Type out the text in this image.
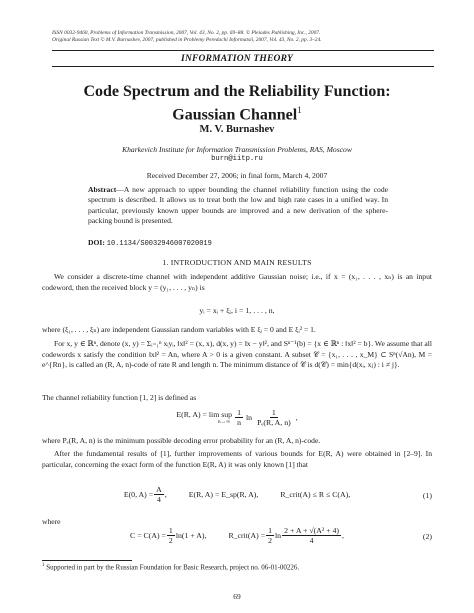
ISSN 0032-9460, Problems of Information Transmission, 2007, Vol. 43, No. 2, pp. 69–88. © Pleiades Publishing, Inc., 2007.
Original Russian Text © M.V. Burnashev, 2007, published in Problemy Peredachi Informatsii, 2007, Vol. 43, No. 2, pp. 3–24.
INFORMATION THEORY
Code Spectrum and the Reliability Function:
Gaussian Channel$^1$
M. V. Burnashev
Kharkevich Institute for Information Transmission Problems, RAS, Moscow
burn@iitp.ru
Received December 27, 2006; in final form, March 4, 2007
Abstract—A new approach to upper bounding the channel reliability function using the code spectrum is described. It allows us to treat both the low and high rate cases in a unified way. In particular, previously known upper bounds are improved and a new derivation of the sphere-packing bound is presented.
DOI: 10.1134/S0032946007020019
1. INTRODUCTION AND MAIN RESULTS
We consider a discrete-time channel with independent additive Gaussian noise; i.e., if x = (x₁, . . . , xₙ) is an input codeword, then the received block y = (y₁, . . . , yₙ) is
yᵢ = xᵢ + ξᵢ, i = 1, . . . , n,
where (ξ₁, . . . , ξₙ) are independent Gaussian random variables with E ξᵢ = 0 and E ξᵢ² = 1.
For x, y ∈ ℝⁿ, denote (x, y) = Σᵢ₌₁ⁿ xᵢyᵢ, ‖x‖² = (x, x), d(x, y) = ‖x − y‖², and Sⁿ⁻¹(b) = {x ∈ ℝⁿ : ‖x‖² = b}. We assume that all codewords x satisfy the condition ‖x‖² = An, where A > 0 is a given constant. A subset 𝒞 = {x₁, . . . , x_M} ⊂ Sⁿ(√An), M = e^{Rn}, is called an (R, A, n)-code of rate R and length n. The minimum distance of 𝒞 is d(𝒞) = min{d(xᵢ, xⱼ) : i ≠ j}.
The channel reliability function [1, 2] is defined as
E(R, A) = lim sup
$n\to\infty \frac{1}{n}$ $\ln \frac{1}{\text{Pₑ(R, A, n)}}$ ,
where Pₑ(R, A, n) is the minimum possible decoding error probability for an (R, A, n)-code.
After the fundamental results of [1], further improvements of various bounds for E(R, A) were obtained in [2–9]. In particular, concerning the exact form of the function E(R, A) it was only known [1] that
E(0, $A) = \frac{A}{4}$ ,	E(R, A) = E_sp(R, A),	R_crit(A) ≤ R ≤ C(A),	(1)
where
$C = C(A) = \frac{1}{2} \ln(1 + A)$,	R_crit(A) = $\frac{1}{2}$ $\ln \frac{\text{2 + A + √(A² + 4)}}{4}$ ,	(2)
$^1$ Supported in part by the Russian Foundation for Basic Research, project no. 06-01-00226.
69
